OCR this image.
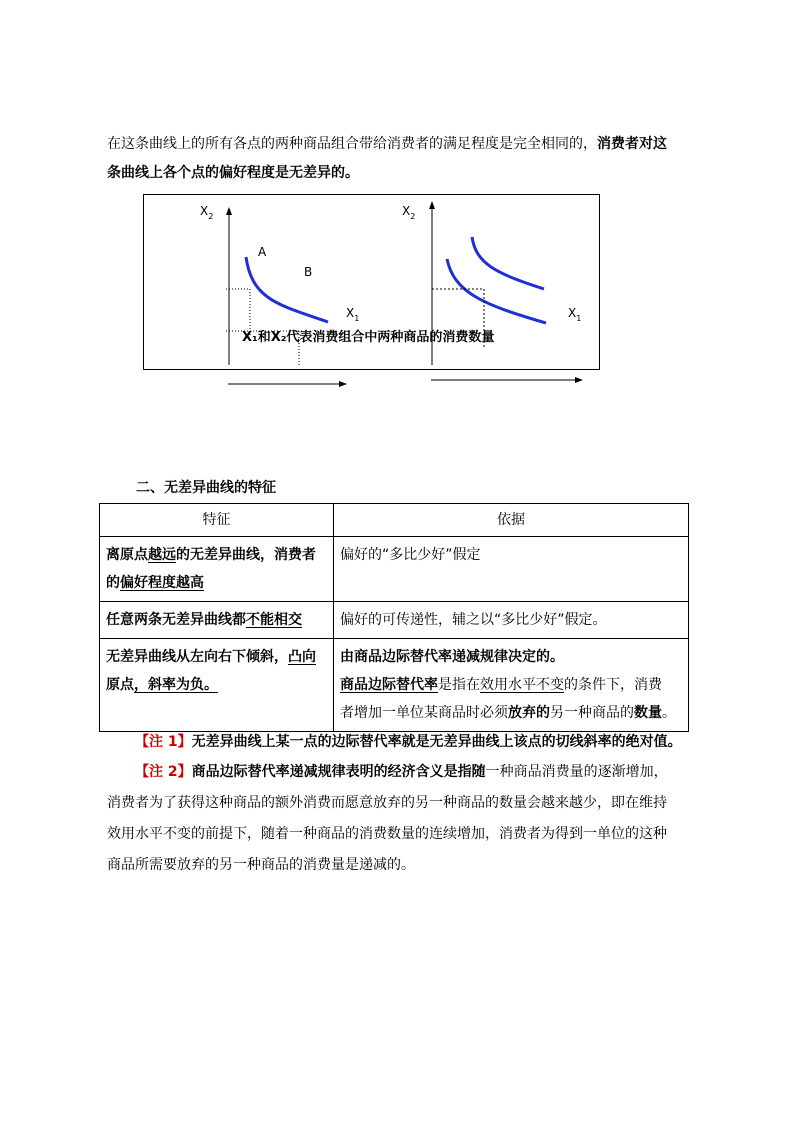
在这条曲线上的所有各点的两种商品组合带给消费者的满足程度是完全相同的，消费者对这
条曲线上各个点的偏好程度是无差异的。
$X_2$
A
B
$X_1$
$X_2$
$X_1$
X₁和X₂代表消费组合中两种商品的消费数量
二、无差异曲线的特征
特征	依据
离原点越远的无差异曲线，消费者
的偏好程度越高	偏好的“多比少好”假定
任意两条无差异曲线都不能相交	偏好的可传递性，辅之以“多比少好”假定。
无差异曲线从左向右下倾斜，凸向
原点，斜率为负。	由商品边际替代率递减规律决定的。
商品边际替代率是指在效用水平不变的条件下，消费
者增加一单位某商品时必须放弃的另一种商品的数量。
【注 1】无差异曲线上某一点的边际替代率就是无差异曲线上该点的切线斜率的绝对值。
【注 2】商品边际替代率递减规律表明的经济含义是指随一种商品消费量的逐渐增加，
消费者为了获得这种商品的额外消费而愿意放弃的另一种商品的数量会越来越少，即在维持
效用水平不变的前提下，随着一种商品的消费数量的连续增加，消费者为得到一单位的这种
商品所需要放弃的另一种商品的消费量是递减的。
